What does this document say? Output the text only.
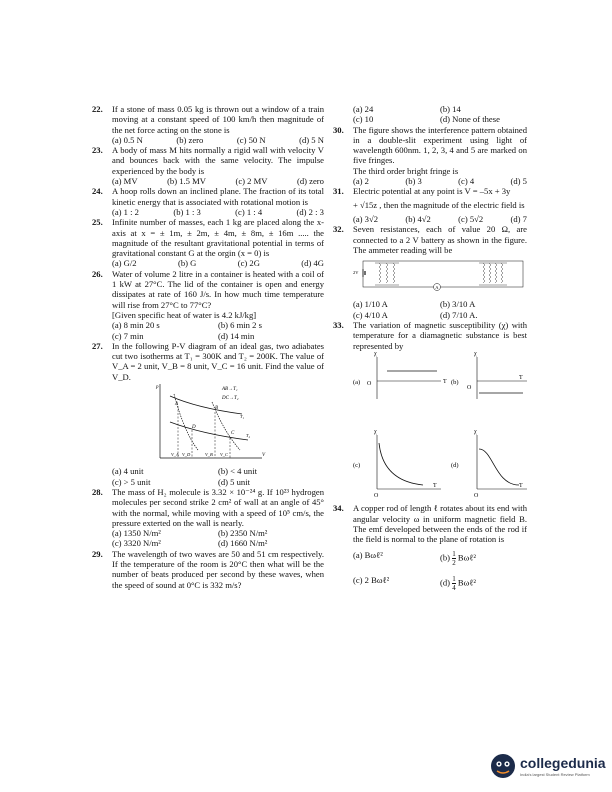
22.	If a stone of mass 0.05 kg is thrown out a window of a train moving at a constant speed of 100 km/h then magnitude of the net force acting on the stone is
(a) 0.5 N	(b) zero	(c) 50 N	(d) 5 N
23.	A body of mass M hits normally a rigid wall with velocity V and bounces back with the same velocity. The impulse experienced by the body is
(a) MV	(b) 1.5 MV	(c) 2 MV	(d) zero
24.	A hoop rolls down an inclined plane. The fraction of its total kinetic energy that is associated with rotational motion is
(a) 1 : 2	(b) 1 : 3	(c) 1 : 4	(d) 2 : 3
25.	Infinite number of masses, each 1 kg are placed along the x-axis at x = ± 1m, ± 2m, ± 4m, ± 8m, ± 16m ..... the magnitude of the resultant gravitational potential in terms of gravitational constant G at the orgin (x = 0) is
(a) G/2	(b) G	(c) 2G	(d) 4G
26.	Water of volume 2 litre in a container is heated with a coil of 1 kW at 27°C. The lid of the container is open and energy dissipates at rate of 160 J/s. In how much time temperature will rise from 27°C to 77°C?
[Given specific heat of water is 4.2 kJ/kg]
(a) 8 min 20 s	(b) 6 min 2 s
(c) 7 min	(d) 14 min
27.	In the following P-V diagram of an ideal gas, two adiabates cut two isotherms at T₁ = 300K and T₂ = 200K. The value of V_A = 2 unit, V_B = 8 unit, V_C = 16 unit. Find the value of V_D.
p
V
AB→T₁
DC→T₂
A
B
C
D
T₁
T₂
V_A V_D	V_B V_C
(a) 4 unit	(b) < 4 unit
(c) > 5 unit	(d) 5 unit
28.	The mass of H₂ molecule is 3.32 × 10⁻²⁴ g. If 10²³ hydrogen molecules per second strike 2 cm² of wall at an angle of 45° with the normal, while moving with a speed of 10⁵ cm/s, the pressure exterted on the wall is nearly.
(a) 1350 N/m²	(b) 2350 N/m²
(c) 3320 N/m²	(d) 1660 N/m²
29.	The wavelength of two waves are 50 and 51 cm respectively. If the temperature of the room is 20°C then what will be the number of beats produced per second by these waves, when the speed of sound at 0°C is 332 m/s?
(a) 24	(b) 14
(c) 10	(d) None of these
30.	The figure shows the interference pattern obtained in a double-slit experiment using light of wavelength 600nm. 1, 2, 3, 4 and 5 are marked on five fringes.
The third order bright fringe is
(a) 2	(b) 3	(c) 4	(d) 5
31.	Electric potential at any point is V = –5x + 3y
+ √15z , then the magnitude of the electric field is
(a) 3√2	(b) 4√2	(c) 5√2	(d) 7
32.	Seven resistances, each of value 20 Ω, are connected to a 2 V battery as shown in the figure. The ammeter reading will be
2V
A
(a) 1/10 A	(b) 3/10 A
(c) 4/10 A	(d) 7/10 A.
33.	The variation of magnetic susceptibility (χ) with temperature for a diamagnetic substance is best represented by
(a)
χ
T
O	(b)
χ
T
O
(c)
χ
T
O
(d)
χ
T
O
34.	A copper rod of length ℓ rotates about its end with angular velocity ω in uniform magnetic field B. The emf developed between the ends of the rod if the field is normal to the plane of rotation is
(a) Bωℓ²	$(b) \frac{1}{2}$ Bωℓ²
(c) 2 Bωℓ²	$(d) \frac{1}{4}$ Bωℓ²
collegedunia
India's largest Student Review Platform
